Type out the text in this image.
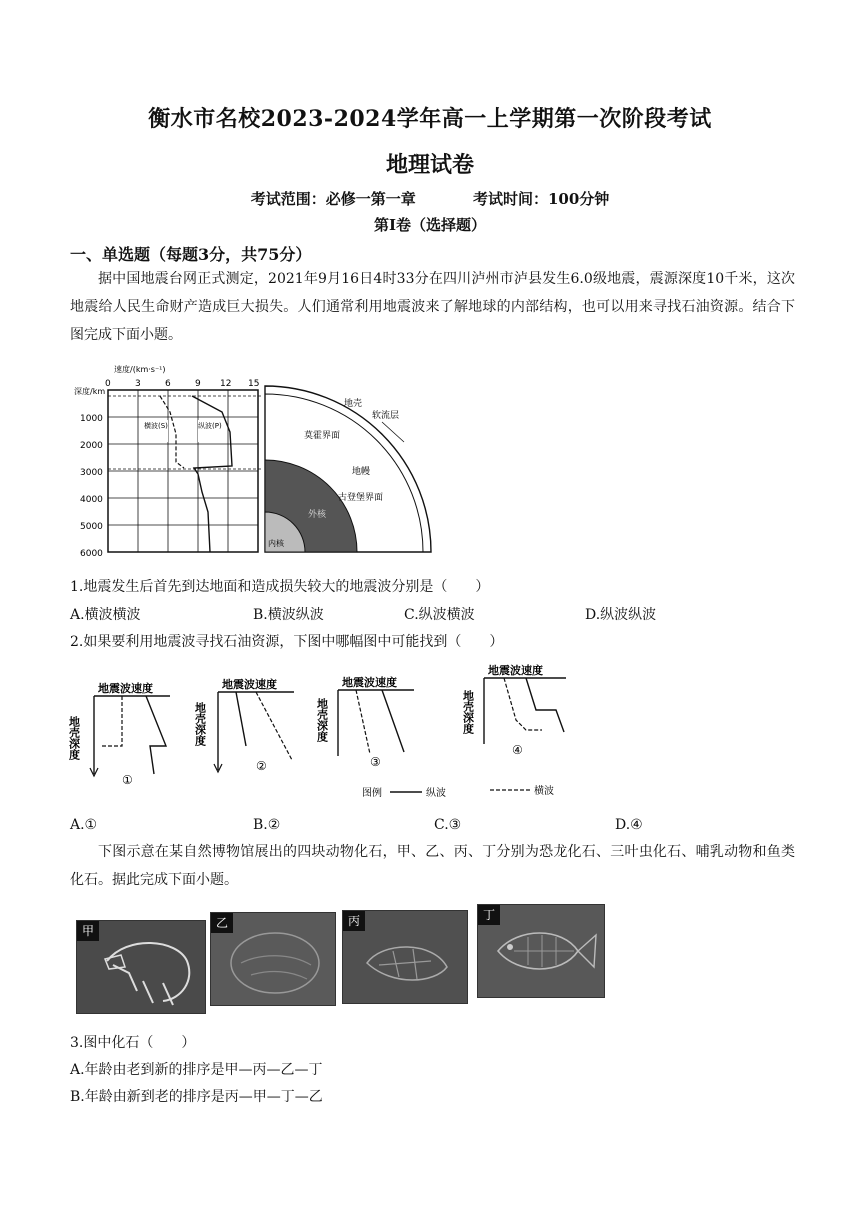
衡水市名校2023-2024学年高一上学期第一次阶段考试
地理试卷
考试范围：必修一第一章	考试时间：100分钟
第Ⅰ卷（选择题）
一、单选题（每题3分，共75分）
据中国地震台网正式测定，2021年9月16日4时33分在四川泸州市泸县发生6.0级地震，震源深度10千米，这次地震给人民生命财产造成巨大损失。人们通常利用地震波来了解地球的内部结构，也可以用来寻找石油资源。结合下图完成下面小题。
速度/(km·s⁻¹)
深度/km
0	3	6	9 12 15
1000
2000
3000
4000
5000
6000
横波(S)	纵波(P)
地壳
软流层
莫霍界面
地幔
古登堡界面
外核
内核
1.地震发生后首先到达地面和造成损失较大的地震波分别是（　　）
A.横波横波	B.横波纵波	C.纵波横波	D.纵波纵波
2.如果要利用地震波寻找石油资源，下图中哪幅图中可能找到（　　）
地震波速度
地壳深度
①
地震波速度
地壳深度
②
地震波速度
地壳深度
③
地震波速度
地壳深度
④
图例	纵波	横波
A.①	B.②	C.③	D.④
下图示意在某自然博物馆展出的四块动物化石，甲、乙、丙、丁分别为恐龙化石、三叶虫化石、哺乳动物和鱼类化石。据此完成下面小题。
甲
乙	丙	丁
3.图中化石（　　）
A.年龄由老到新的排序是甲—丙—乙—丁
B.年龄由新到老的排序是丙—甲—丁—乙
